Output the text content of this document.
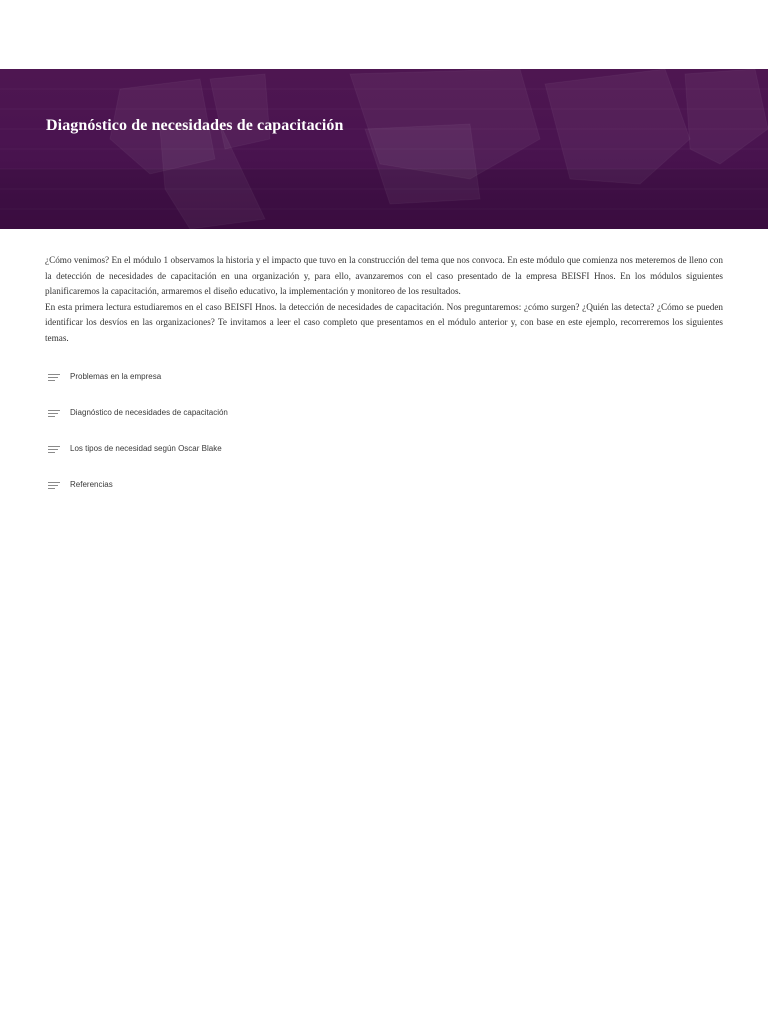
Diagnóstico de necesidades de capacitación

¿Cómo venimos? En el módulo 1 observamos la historia y el impacto que tuvo en la construcción del tema que nos convoca. En este módulo que comienza nos meteremos de lleno con la detección de necesidades de capacitación en una organización y, para ello, avanzaremos con el caso presentado de la empresa BEISFI Hnos. En los módulos siguientes planificaremos la capacitación, armaremos el diseño educativo, la implementación y monitoreo de los resultados.

En esta primera lectura estudiaremos en el caso BEISFI Hnos. la detección de necesidades de capacitación. Nos preguntaremos: ¿cómo surgen? ¿Quién las detecta? ¿Cómo se pueden identificar los desvíos en las organizaciones? Te invitamos a leer el caso completo que presentamos en el módulo anterior y, con base en este ejemplo, recorreremos los siguientes temas.

Problemas en la empresa
Diagnóstico de necesidades de capacitación
Los tipos de necesidad según Oscar Blake
Referencias
